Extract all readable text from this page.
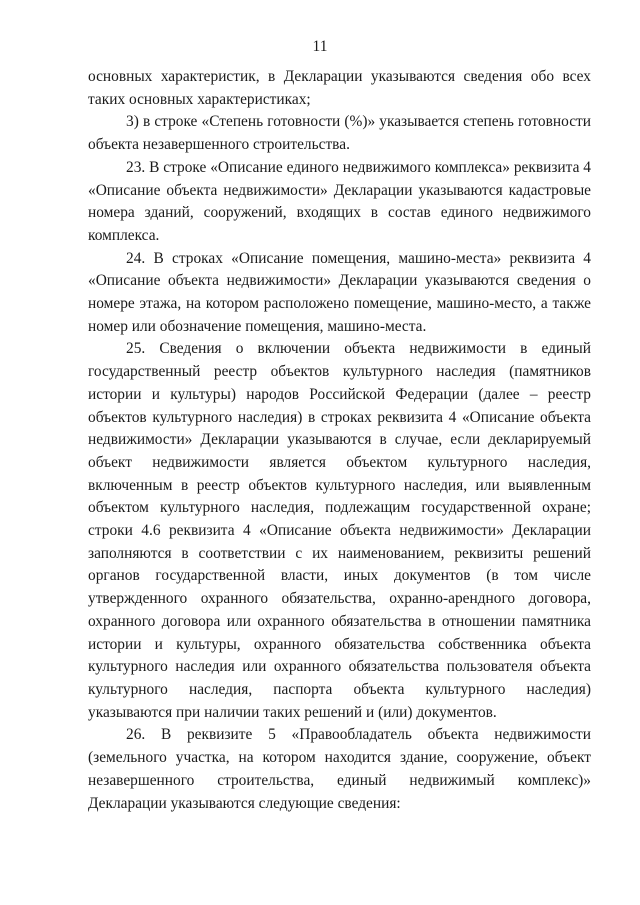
11

основных характеристик, в Декларации указываются сведения обо всех таких основных характеристиках;

3) в строке «Степень готовности (%)» указывается степень готовности объекта незавершенного строительства.

23. В строке «Описание единого недвижимого комплекса» реквизита 4 «Описание объекта недвижимости» Декларации указываются кадастровые номера зданий, сооружений, входящих в состав единого недвижимого комплекса.

24. В строках «Описание помещения, машино-места» реквизита 4 «Описание объекта недвижимости» Декларации указываются сведения о номере этажа, на котором расположено помещение, машино-место, а также номер или обозначение помещения, машино-места.

25. Сведения о включении объекта недвижимости в единый государственный реестр объектов культурного наследия (памятников истории и культуры) народов Российской Федерации (далее – реестр объектов культурного наследия) в строках реквизита 4 «Описание объекта недвижимости» Декларации указываются в случае, если декларируемый объект недвижимости является объектом культурного наследия, включенным в реестр объектов культурного наследия, или выявленным объектом культурного наследия, подлежащим государственной охране; строки 4.6 реквизита 4 «Описание объекта недвижимости» Декларации заполняются в соответствии с их наименованием, реквизиты решений органов государственной власти, иных документов (в том числе утвержденного охранного обязательства, охранно-арендного договора, охранного договора или охранного обязательства в отношении памятника истории и культуры, охранного обязательства собственника объекта культурного наследия или охранного обязательства пользователя объекта культурного наследия, паспорта объекта культурного наследия) указываются при наличии таких решений и (или) документов.

26. В реквизите 5 «Правообладатель объекта недвижимости (земельного участка, на котором находится здание, сооружение, объект незавершенного строительства, единый недвижимый комплекс)» Декларации указываются следующие сведения:
